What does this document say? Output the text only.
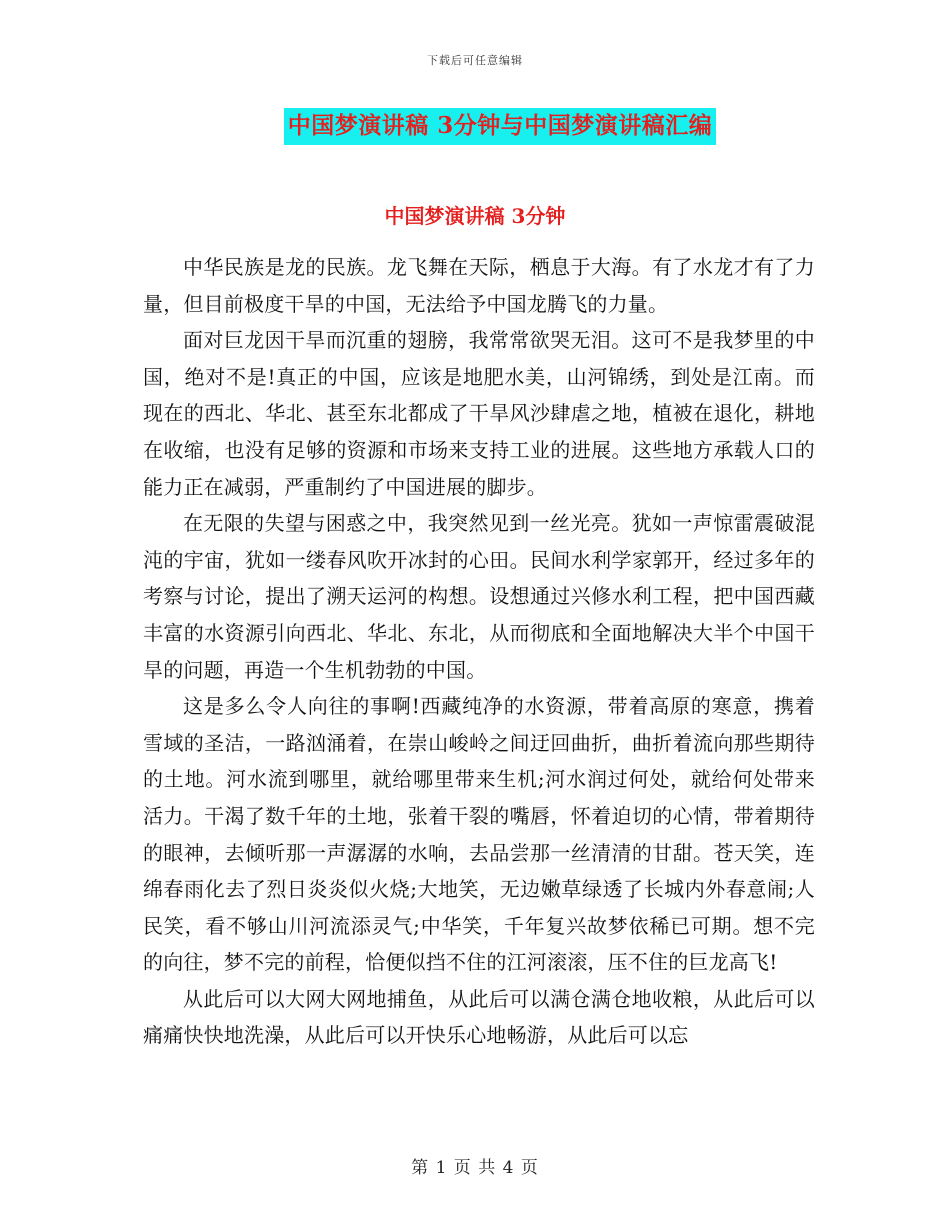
下载后可任意编辑
中国梦演讲稿 3分钟与中国梦演讲稿汇编
中国梦演讲稿 3分钟

中华民族是龙的民族。龙飞舞在天际，栖息于大海。有了水龙才有了力量，但目前极度干旱的中国，无法给予中国龙腾飞的力量。

面对巨龙因干旱而沉重的翅膀，我常常欲哭无泪。这可不是我梦里的中国，绝对不是!真正的中国，应该是地肥水美，山河锦绣，到处是江南。而现在的西北、华北、甚至东北都成了干旱风沙肆虐之地，植被在退化，耕地在收缩，也没有足够的资源和市场来支持工业的进展。这些地方承载人口的能力正在减弱，严重制约了中国进展的脚步。

在无限的失望与困惑之中，我突然见到一丝光亮。犹如一声惊雷震破混沌的宇宙，犹如一缕春风吹开冰封的心田。民间水利学家郭开，经过多年的考察与讨论，提出了溯天运河的构想。设想通过兴修水利工程，把中国西藏丰富的水资源引向西北、华北、东北，从而彻底和全面地解决大半个中国干旱的问题，再造一个生机勃勃的中国。

这是多么令人向往的事啊!西藏纯净的水资源，带着高原的寒意，携着雪域的圣洁，一路汹涌着，在崇山峻岭之间迂回曲折，曲折着流向那些期待的土地。河水流到哪里，就给哪里带来生机;河水润过何处，就给何处带来活力。干渴了数千年的土地，张着干裂的嘴唇，怀着迫切的心情，带着期待的眼神，去倾听那一声潺潺的水响，去品尝那一丝清清的甘甜。苍天笑，连绵春雨化去了烈日炎炎似火烧;大地笑，无边嫩草绿透了长城内外春意闹;人民笑，看不够山川河流添灵气;中华笑，千年复兴故梦依稀已可期。想不完的向往，梦不完的前程，恰便似挡不住的江河滚滚，压不住的巨龙高飞!

从此后可以大网大网地捕鱼，从此后可以满仓满仓地收粮，从此后可以痛痛快快地洗澡，从此后可以开快乐心地畅游，从此后可以忘

第 1 页 共 4 页
